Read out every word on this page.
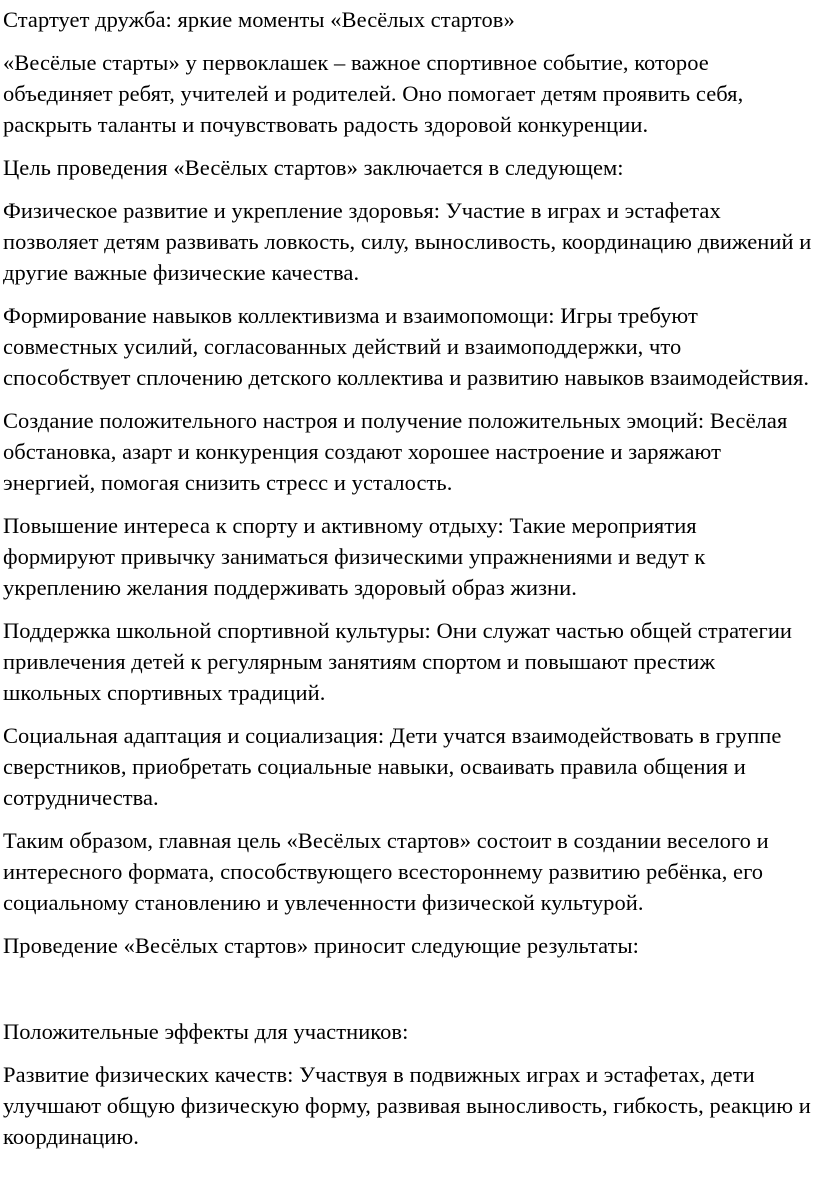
Стартует дружба: яркие моменты «Весёлых стартов»

«Весёлые старты» у первоклашек – важное спортивное событие, которое объединяет ребят, учителей и родителей. Оно помогает детям проявить себя, раскрыть таланты и почувствовать радость здоровой конкуренции.

Цель проведения «Весёлых стартов» заключается в следующем:

Физическое развитие и укрепление здоровья: Участие в играх и эстафетах позволяет детям развивать ловкость, силу, выносливость, координацию движений и другие важные физические качества.

Формирование навыков коллективизма и взаимопомощи: Игры требуют совместных усилий, согласованных действий и взаимоподдержки, что способствует сплочению детского коллектива и развитию навыков взаимодействия.

Создание положительного настроя и получение положительных эмоций: Весёлая обстановка, азарт и конкуренция создают хорошее настроение и заряжают энергией, помогая снизить стресс и усталость.

Повышение интереса к спорту и активному отдыху: Такие мероприятия формируют привычку заниматься физическими упражнениями и ведут к укреплению желания поддерживать здоровый образ жизни.

Поддержка школьной спортивной культуры: Они служат частью общей стратегии привлечения детей к регулярным занятиям спортом и повышают престиж школьных спортивных традиций.

Социальная адаптация и социализация: Дети учатся взаимодействовать в группе сверстников, приобретать социальные навыки, осваивать правила общения и сотрудничества.

Таким образом, главная цель «Весёлых стартов» состоит в создании веселого и интересного формата, способствующего всестороннему развитию ребёнка, его социальному становлению и увлеченности физической культурой.

Проведение «Весёлых стартов» приносит следующие результаты:

Положительные эффекты для участников:

Развитие физических качеств: Участвуя в подвижных играх и эстафетах, дети улучшают общую физическую форму, развивая выносливость, гибкость, реакцию и координацию.
